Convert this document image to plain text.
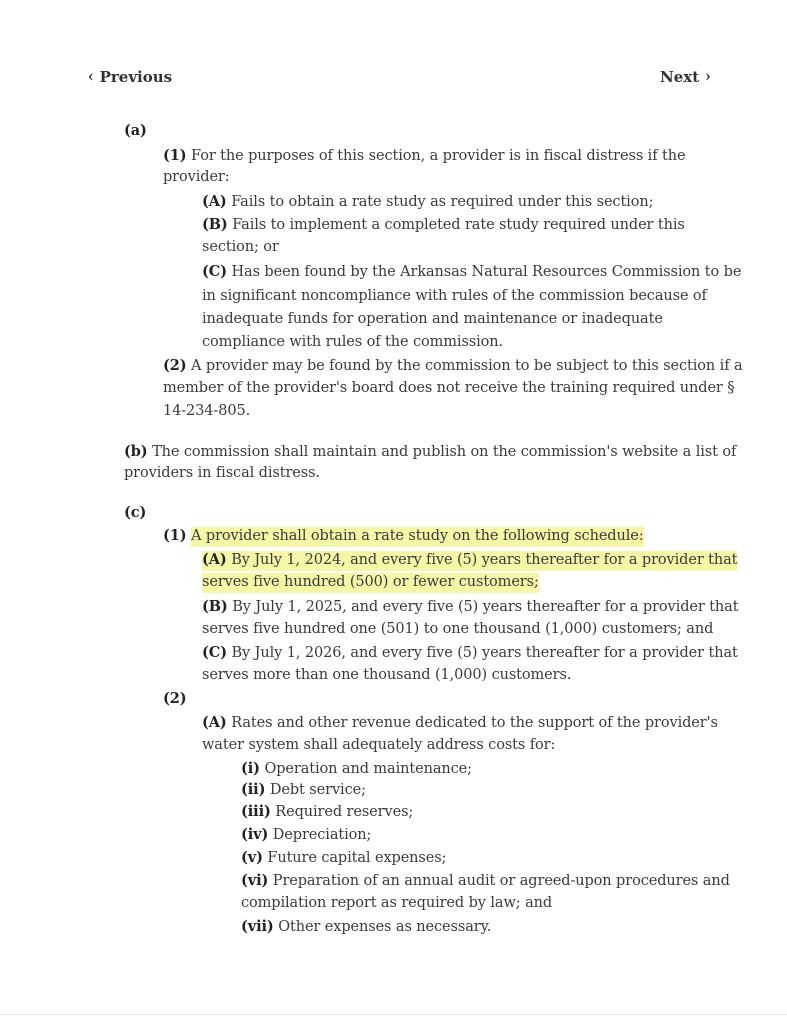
‹ Previous	Next ›
(a)
(1) For the purposes of this section, a provider is in fiscal distress if the
provider:
(A) Fails to obtain a rate study as required under this section;
(B) Fails to implement a completed rate study required under this
section; or
(C) Has been found by the Arkansas Natural Resources Commission to be
in significant noncompliance with rules of the commission because of
inadequate funds for operation and maintenance or inadequate
compliance with rules of the commission.
(2) A provider may be found by the commission to be subject to this section if a
member of the provider's board does not receive the training required under §
14-234-805.
(b) The commission shall maintain and publish on the commission's website a list of
providers in fiscal distress.
(c)
(1) A provider shall obtain a rate study on the following schedule:
(A) By July 1, 2024, and every five (5) years thereafter for a provider that
serves five hundred (500) or fewer customers;
(B) By July 1, 2025, and every five (5) years thereafter for a provider that
serves five hundred one (501) to one thousand (1,000) customers; and
(C) By July 1, 2026, and every five (5) years thereafter for a provider that
serves more than one thousand (1,000) customers.
(2)
(A) Rates and other revenue dedicated to the support of the provider's
water system shall adequately address costs for:
(i) Operation and maintenance;
(ii) Debt service;
(iii) Required reserves;
(iv) Depreciation;
(v) Future capital expenses;
(vi) Preparation of an annual audit or agreed-upon procedures and
compilation report as required by law; and
(vii) Other expenses as necessary.
